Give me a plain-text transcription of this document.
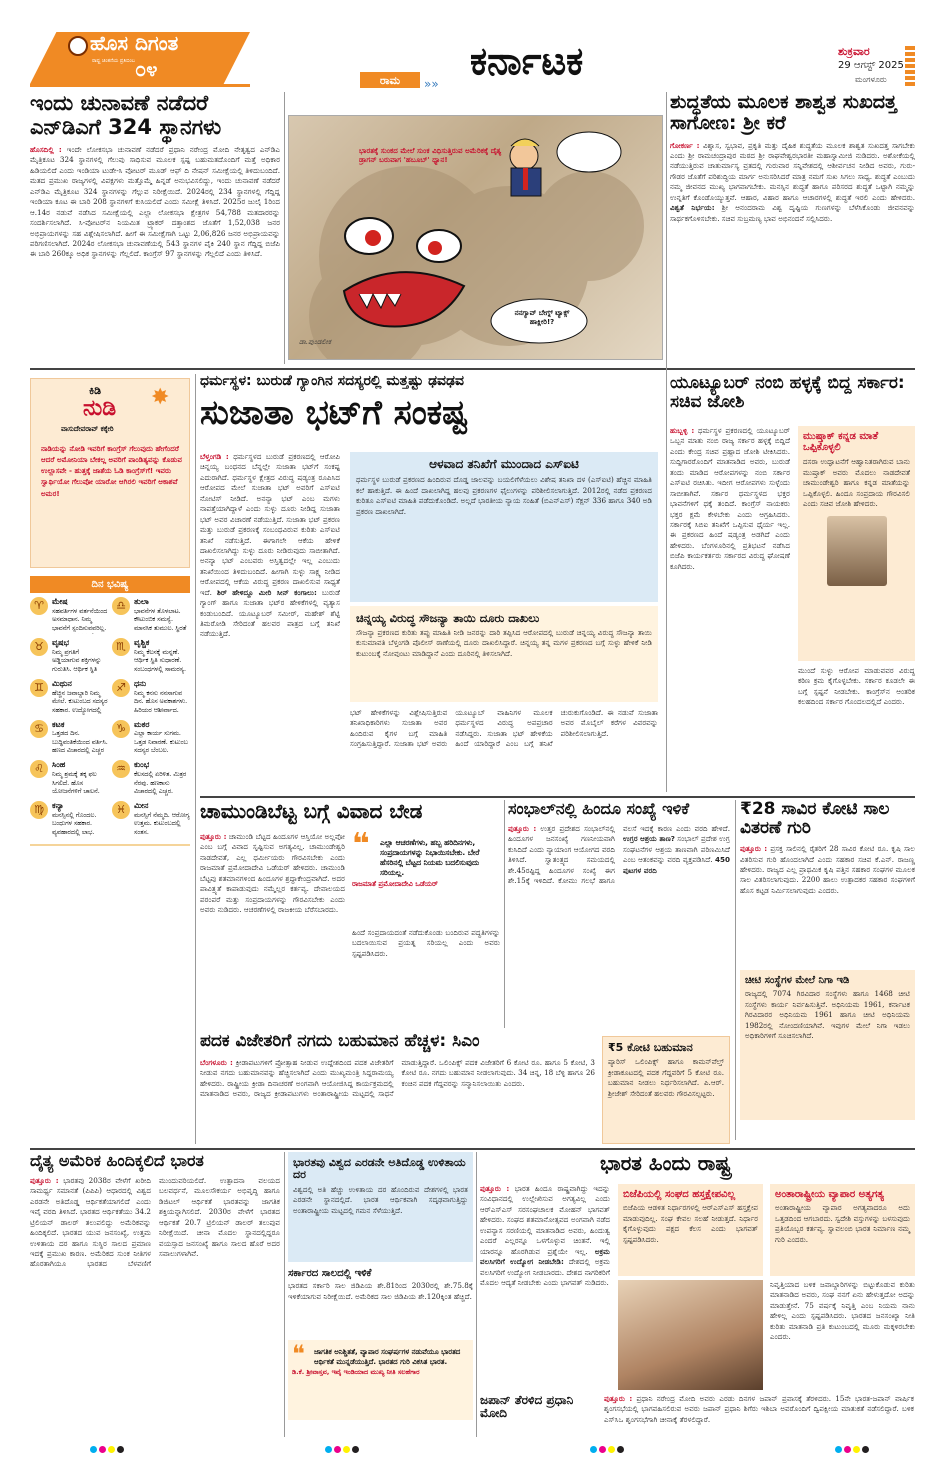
ಹೊಸ ದಿಗಂತ
ರಾಷ್ಟ್ರ ಚಿಂತನೆಯ ಪ್ರತಿಬಿಂಬ ೦೪	ಕರ್ನಾಟಕ
ರಾಮ	»»
ಶುಕ್ರವಾರ
29 ಆಗಸ್ಟ್ 2025
ಮಂಗಳೂರು
ಇಂದು ಚುನಾವಣೆ ನಡೆದರೆ ಎನ್‌ಡಿಎಗೆ 324 ಸ್ಥಾನಗಳು
ಹೊಸದಿಲ್ಲಿ : ಇಂದೇ ಲೋಕಸಭಾ ಚುನಾವಣೆ ನಡೆದರೆ ಪ್ರಧಾನಿ ನರೇಂದ್ರ ಮೋದಿ ನೇತೃತ್ವದ ಎನ್‌ಡಿಎ ಮೈತ್ರಿಕೂಟ 324 ಸ್ಥಾನಗಳಲ್ಲಿ ಗೆಲುವು ಸಾಧಿಸುವ ಮೂಲಕ ಸ್ಪಷ್ಟ ಬಹುಮತದೊಂದಿಗೆ ಮತ್ತೆ ಅಧಿಕಾರ ಹಿಡಿಯಲಿದೆ ಎಂದು ಇಂಡಿಯಾ ಟುಡೇ-ಸಿ ವೋಟರ್ ಮೂಡ್ ಆಫ್ ದಿ ನೇಷನ್ ಸಮೀಕ್ಷೆಯಲ್ಲಿ ತಿಳಿದುಬಂದಿದೆ. ಮತದ ಪ್ರಮುಖ ರಾಜ್ಯಗಳಲ್ಲಿ ವಿಪಕ್ಷಗಳು ಮತ್ತೊಮ್ಮೆ ಹಿನ್ನಡೆ ಅನುಭವಿಸಲಿದ್ದು, ಇಂದು ಚುನಾವಣೆ ನಡೆದರೆ ಎನ್‌ಡಿಎ ಮೈತ್ರಿಕೂಟ 324 ಸ್ಥಾನಗಳನ್ನು ಗೆಲ್ಲುವ ನಿರೀಕ್ಷೆಯಿದೆ. 2024ರಲ್ಲಿ 234 ಸ್ಥಾನಗಳಲ್ಲಿ ಗೆದ್ದಿದ್ದ ಇಂಡಿಯಾ ಕೂಟ ಈ ಬಾರಿ 208 ಸ್ಥಾನಗಳಿಗೆ ಕುಸಿಯಲಿದೆ ಎಂದು ಸಮೀಕ್ಷೆ ತಿಳಿಸಿದೆ. 2025ರ ಜುಲೈ 1ರಿಂದ ಆ.14ರ ನಡುವೆ ನಡೆಸಿದ ಸಮೀಕ್ಷೆಯಲ್ಲಿ ಎಲ್ಲಾ ಲೋಕಸಭಾ ಕ್ಷೇತ್ರಗಳ 54,788 ಮತದಾರರನ್ನು ಸಂದರ್ಶಿಸಲಾಗಿದೆ. ಸಿ-ವೋಟರ್‌ನ ನಿಯಮಿತ ಟ್ರ್ಯಾಕರ್ ದತ್ತಾಂಶದ ಜೊತೆಗೆ 1,52,038 ಜನರ ಅಭಿಪ್ರಾಯಗಳನ್ನು ಸಹ ವಿಶ್ಲೇಷಿಸಲಾಗಿದೆ. ಹೀಗೆ ಈ ಸಮೀಕ್ಷೆಗಾಗಿ ಒಟ್ಟು 2,06,826 ಜನರ ಅಭಿಪ್ರಾಯವನ್ನು ಪರಿಗಣಿಸಲಾಗಿದೆ. 2024ರ ಲೋಕಸಭಾ ಚುನಾವಣೆಯಲ್ಲಿ 543 ಸ್ಥಾನಗಳ ಪೈಕಿ 240 ಸ್ಥಾನ ಗೆದ್ದಿದ್ದ ಬಿಜೆಪಿ ಈ ಬಾರಿ 260ಕ್ಕೂ ಅಧಿಕ ಸ್ಥಾನಗಳನ್ನು ಗೆಲ್ಲಲಿದೆ. ಕಾಂಗ್ರೆಸ್ 97 ಸ್ಥಾನಗಳನ್ನು ಗೆಲ್ಲಲಿದೆ ಎಂದು ತಿಳಿಸಿದೆ.
ಭಾರತಕ್ಕೆ ಸುಂಕದ ಮೇಲೆ ಸುಂಕ ವಿಧಿಸುತ್ತಿರುವ ಅಮೆರಿಕಕ್ಕೆ ದೈತ್ಯ ಡ್ರಾಗನ್ ಬರುವಾಗ 'ಹಬೂಬ್' ಧ್ಯಾನ!
ನನಗ್ಯಾವ್ ಬೇಗ್ನ್ ಟ್ಯಾಕ್ಸ್ ಹಾಕ್ಲೀರಿ!?
ಡಾ.ಪುಂಡಲೀಕ
ಶುದ್ಧತೆಯ ಮೂಲಕ ಶಾಶ್ವತ ಸುಖದತ್ತ ಸಾಗೋಣ: ಶ್ರೀ ಕರೆ
ಗೋಕರ್ಣ : ವಿಶ್ವಾಸ, ಸ್ವಭಾವ, ಪ್ರಕೃತಿ ಮತ್ತು ದೈಹಿಕ ಶುದ್ಧತೆಯ ಮೂಲಕ ಶಾಶ್ವತ ಸುಖದತ್ತ ಸಾಗಬೇಕು ಎಂದು ಶ್ರೀ ರಾಮಚಂದ್ರಾಪುರ ಮಠದ ಶ್ರೀ ರಾಘವೇಶ್ವರಭಾರತೀ ಮಹಾಸ್ವಾಮೀಜಿ ನುಡಿದರು. ಅಶೋಕೆಯಲ್ಲಿ ನಡೆಯುತ್ತಿರುವ ಚಾತುರ್ಮಾಸ್ಯ ವ್ರತದಲ್ಲಿ ಗುರುವಾರ ಸನ್ನಿವೇಶದಲ್ಲಿ ಆಶೀರ್ವಚನ ನೀಡಿದ ಅವರು, ಗುರು-ಗೌಡರ ಜೊತೆಗೆ ಪರಿಶುದ್ಧಿಯ ಮಾರ್ಗ ಅನುಸರಿಸಿದರೆ ಮಾತ್ರ ನಮಗೆ ಸುಖ ಸಿಗಲು ಸಾಧ್ಯ. ಶುದ್ಧತೆ ಎಂಬುದು ನಮ್ಮ ಜೀವನದ ಮುಖ್ಯ ಭಾಗವಾಗಬೇಕು. ಮನಸ್ಸಿನ ಶುದ್ಧತೆ ಹಾಗೂ ಪರಿಸರದ ಶುದ್ಧತೆ ಒಟ್ಟಾಗಿ ನಮ್ಮನ್ನು ಉನ್ನತಿಗೆ ಕೊಂಡೊಯ್ಯುತ್ತವೆ. ಆಹಾರ, ವಿಹಾರ ಹಾಗೂ ಆಚಾರಗಳಲ್ಲಿ ಶುದ್ಧತೆ ಇರಲಿ ಎಂದು ಹೇಳಿದರು. ವಿಶ್ವತೆ ನಿರ್ಭಯ: ಶ್ರೀ ಆನಂದರಾಮ ವಿಶ್ವ ದೃಷ್ಟಿಯ ಗುಣಗಳನ್ನು ಬೆಳೆಸಿಕೊಂಡು ಜೀವನವನ್ನು ಸಾರ್ಥಕಗೊಳಿಸಬೇಕು. ಸಚಿವ ಸುಬ್ರಮಣ್ಯ ಭಾವ ಅಭಿನಂದನೆ ಸಲ್ಲಿಸಿದರು.
✸
ಕಿಡಿ
ನುಡಿ
ವಾಸುದೇವರಾವ್ ಕಕ್ಕೇರಿ
ನಾಡಿಯನ್ನು ನೋಡಿ ಇವರಿಗೆ ಕಾಂಗ್ರೆಸ್ ಗೆಲುವುದು ಹೇಗೆಂದರೆ ಆದರೆ ಅಮೋನಿಯಾ ಬೇಕಲ್ಲ ಅವರಿಗೆ ಪಾಂಡಿತ್ಯವನ್ನು ಕೊಡುವ ಉಲ್ಲಾಸವೇ - ಹುತ್ತಕ್ಕೆ ಜಾತೆಯ ಓಡಿ ಕಾಂಗ್ರೆಸ್‌ಗೆ! ಇವರು ಸ್ವಾರ್ಥಿಯೋ ಗೆಲುವೋ ಯಾರೋ ಆಗಿರಲಿ ಇವರಿಗೆ ಆಕಾಶವೆ ಅಮರ!
ದಿನ ಭವಿಷ್ಯ
♈	ಮೇಷ
ಸಹವರ್ತಿಗಳ ವರ್ತನೆಯಿಂದ ಅಸಮಾಧಾನ. ನಿಮ್ಮ ಭಾವನೆಗೆ ಸ್ಪಂದಿಸುವವರಿಲ್ಲ.
♎	ತುಲಾ
ಭಾವನೆಗಳ ತೊಳಲಾಟ. ಕೌಟುಂಬಿಕ ಸಮಸ್ಯೆ. ಮಾನಸಿಕ ತುಮುಲ. ಸ್ಥಿರತೆ
♉	ವೃಷಭ
ನಿಮ್ಮ ಪ್ರಗತಿಗೆ ಅಡ್ಡಿಯಾಗುವ ಶಕ್ತಿಗಳನ್ನು ಗುರುತಿಸಿ. ಆರ್ಥಿಕ ಸ್ಥಿತಿ
♏	ವೃಶ್ಚಿಕ
ನಿಮ್ಮ ಕೆಲಸಕ್ಕೆ ಮನ್ನಣೆ. ಆರ್ಥಿಕ ಸ್ಥಿತಿ ಸುಧಾರಣೆ. ಸಂಬಂಧಗಳಲ್ಲಿ ಸಾಮರಸ್ಯ.
♊	ಮಿಥುನ
ಹೆಚ್ಚಿನ ಜವಾಬ್ದಾರಿ ನಿಮ್ಮ ಮೇಲೆ. ಕುಟುಂಬದ ಸದಸ್ಯರ ಸಹಕಾರ. ಉದ್ಯೋಗದಲ್ಲಿ
♐	ಧನು
ನಿಮ್ಮ ಕನಸು ನನಸಾಗುವ ದಿನ. ಹೊಸ ಅವಕಾಶಗಳು. ಹಿರಿಯರ ಆಶೀರ್ವಾದ.
♋	ಕಟಕ
ಒತ್ತಡದ ದಿನ. ಬುದ್ಧಿವಂತಿಕೆಯಿಂದ ವರ್ತಿಸಿ. ಹಣದ ವಿಚಾರದಲ್ಲಿ ಎಚ್ಚರ
♑	ಮಕರ
ಎಲ್ಲಾ ಕಾರ್ಯ ಸುಗಮ. ಒತ್ತಡ ನಿವಾರಣೆ. ಕುಟುಂಬ ಸದಸ್ಯರ ಬೆಂಬಲ.
♌	ಸಿಂಹ
ನಿಮ್ಮ ಶ್ರಮಕ್ಕೆ ತಕ್ಕ ಫಲ ಸಿಗಲಿದೆ. ಹೊಸ ಯೋಜನೆಗಳಿಗೆ ಚಾಲನೆ.
♒	ಕುಂಭ
ಕೆಲಸದಲ್ಲಿ ಏರಿಳಿತ. ಮಿತ್ರರ ನೆರವು. ಹಣಕಾಸು ವಿಚಾರದಲ್ಲಿ ಎಚ್ಚರ.
♍	ಕನ್ಯಾ
ಮನಸ್ಸಿನಲ್ಲಿ ಗೊಂದಲ. ಬಂಧುಗಳ ಸಹಕಾರ. ವ್ಯವಹಾರದಲ್ಲಿ ಲಾಭ.
♓	ಮೀನ
ಮನಸ್ಸಿಗೆ ನೆಮ್ಮದಿ. ಆರೋಗ್ಯ ಉತ್ತಮ. ಕುಟುಂಬದಲ್ಲಿ ಸಂತಸ.
ಧರ್ಮಸ್ಥಳ: ಬುರುಡೆ ಗ್ಯಾಂಗಿನ ಸದಸ್ಯರಲ್ಲಿ ಮತ್ತಷ್ಟು ಢವಢವ
ಸುಜಾತಾ ಭಟ್‌ಗೆ ಸಂಕಷ್ಟ
ಬೆಳ್ತಂಗಡಿ : ಧರ್ಮಸ್ಥಳದ ಬುರುಡೆ ಪ್ರಕರಣದಲ್ಲಿ ಆರೋಪಿ ಚಿನ್ನಯ್ಯ ಬಂಧನದ ಬೆನ್ನಲ್ಲೇ ಸುಜಾತಾ ಭಟ್‌ಗೆ ಸಂಕಷ್ಟ ಎದುರಾಗಿದೆ. ಧರ್ಮಸ್ಥಳ ಕ್ಷೇತ್ರದ ವಿರುದ್ಧ ಷಡ್ಯಂತ್ರ ರೂಪಿಸಿದ ಆರೋಪದ ಮೇಲೆ ಸುಜಾತಾ ಭಟ್ ಅವರಿಗೆ ಎಸ್‌ಐಟಿ ನೋಟಿಸ್ ನೀಡಿದೆ. ಅನನ್ಯಾ ಭಟ್ ಎಂಬ ಮಗಳು ನಾಪತ್ತೆಯಾಗಿದ್ದಾಳೆ ಎಂದು ಸುಳ್ಳು ದೂರು ನೀಡಿದ್ದ ಸುಜಾತಾ ಭಟ್ ಅವರ ವಿಚಾರಣೆ ನಡೆಯುತ್ತಿದೆ. ಸುಜಾತಾ ಭಟ್ ಪ್ರಕರಣ ಮತ್ತು ಬುರುಡೆ ಪ್ರಕರಣಕ್ಕೆ ಸಂಬಂಧವಿರುವ ಕುರಿತು ಎಸ್‌ಐಟಿ ತನಿಖೆ ನಡೆಸುತ್ತಿದೆ. ಈಗಾಗಲೇ ಆಕೆಯ ಹೇಳಿಕೆ ದಾಖಲಿಸಲಾಗಿದ್ದು ಸುಳ್ಳು ದೂರು ನೀಡಿರುವುದು ಸಾಬೀತಾಗಿದೆ. ಅನನ್ಯಾ ಭಟ್ ಎಂಬವರು ಅಸ್ತಿತ್ವದಲ್ಲೇ ಇಲ್ಲ ಎಂಬುದು ತನಿಖೆಯಿಂದ ತಿಳಿದುಬಂದಿದೆ. ಹೀಗಾಗಿ ಸುಳ್ಳು ಸಾಕ್ಷ್ಯ ನೀಡಿದ ಆರೋಪದಲ್ಲಿ ಆಕೆಯ ವಿರುದ್ಧ ಪ್ರಕರಣ ದಾಖಲಿಸುವ ಸಾಧ್ಯತೆ ಇದೆ. ಶಿರ್ ಹೇಳಿದ್ದೂ ಮೀರಿ ಸೀನ್ ಕಂಗಾಲು: ಬುರುಡೆ ಗ್ಯಾಂಗ್ ಹಾಗೂ ಸುಜಾತಾ ಭಟ್‌ರ ಹೇಳಿಕೆಗಳಲ್ಲಿ ವ್ಯತ್ಯಾಸ ಕಂಡುಬಂದಿದೆ. ಯೂಟ್ಯೂಬರ್ ಸಮೀರ್, ಮಹೇಶ್ ಶೆಟ್ಟಿ ತಿಮರೋಡಿ ಸೇರಿದಂತೆ ಹಲವರ ಪಾತ್ರದ ಬಗ್ಗೆ ತನಿಖೆ ನಡೆಯುತ್ತಿದೆ.
ಆಳವಾದ ತನಿಖೆಗೆ ಮುಂದಾದ ಎಸ್‌ಐಟಿ
ಧರ್ಮಸ್ಥಳ ಬುರುಡೆ ಪ್ರಕರಣದ ಹಿಂದಿರುವ ದೊಡ್ಡ ಜಾಲವನ್ನು ಬಯಲಿಗೆಳೆಯಲು ವಿಶೇಷ ತನಿಖಾ ದಳ (ಎಸ್‌ಐಟಿ) ಹೆಚ್ಚಿನ ಮಾಹಿತಿ ಕಲೆ ಹಾಕುತ್ತಿದೆ. ಈ ಹಿಂದೆ ದಾಖಲಾಗಿದ್ದ ಹಲವು ಪ್ರಕರಣಗಳ ಫೈಲುಗಳನ್ನು ಪರಿಶೀಲಿಸಲಾಗುತ್ತಿದೆ. 2012ರಲ್ಲಿ ನಡೆದ ಪ್ರಕರಣದ ಕುರಿತೂ ಎಸ್‌ಐಟಿ ಮಾಹಿತಿ ಪಡೆದುಕೊಂಡಿದೆ. ಅಲ್ಲದೆ ಭಾರತೀಯ ನ್ಯಾಯ ಸಂಹಿತೆ (ಬಿಎನ್‌ಎಸ್) ಸೆಕ್ಷನ್ 336 ಹಾಗೂ 340 ಅಡಿ ಪ್ರಕರಣ ದಾಖಲಾಗಿದೆ.
ಚಿನ್ನಯ್ಯ ವಿರುದ್ಧ ಸೌಜನ್ಯಾ ತಾಯಿ ದೂರು ದಾಖಲು
ಸೌಜನ್ಯಾ ಪ್ರಕರಣದ ಕುರಿತು ತಪ್ಪು ಮಾಹಿತಿ ನೀಡಿ ಜನರನ್ನು ದಾರಿ ತಪ್ಪಿಸಿದ ಆರೋಪದಲ್ಲಿ ಬುರುಡೆ ಚಿನ್ನಯ್ಯ ವಿರುದ್ಧ ಸೌಜನ್ಯಾ ತಾಯಿ ಕುಸುಮಾವತಿ ಬೆಳ್ತಂಗಡಿ ಪೊಲೀಸ್ ಠಾಣೆಯಲ್ಲಿ ದೂರು ದಾಖಲಿಸಿದ್ದಾರೆ. ಚಿನ್ನಯ್ಯ ತನ್ನ ಮಗಳ ಪ್ರಕರಣದ ಬಗ್ಗೆ ಸುಳ್ಳು ಹೇಳಿಕೆ ನೀಡಿ ಕುಟುಂಬಕ್ಕೆ ನೋವುಂಟು ಮಾಡಿದ್ದಾನೆ ಎಂದು ದೂರಿನಲ್ಲಿ ತಿಳಿಸಲಾಗಿದೆ.
ಭಟ್ ಹೇಳಿಕೆಗಳನ್ನು ವಿಶ್ಲೇಷಿಸುತ್ತಿರುವ ತನಿಖಾಧಿಕಾರಿಗಳು ಸುಜಾತಾ ಅವರ ಹಿಂದಿರುವ ಕೈಗಳ ಬಗ್ಗೆ ಮಾಹಿತಿ ಸಂಗ್ರಹಿಸುತ್ತಿದ್ದಾರೆ. ಸುಜಾತಾ ಭಟ್ ಅವರು ಯೂಟ್ಯೂಬ್ ವಾಹಿನಿಗಳ ಮೂಲಕ ಧರ್ಮಸ್ಥಳದ ವಿರುದ್ಧ ಅಪಪ್ರಚಾರ ನಡೆಸಿದ್ದರು. ಸುಜಾತಾ ಭಟ್ ಹೇಳಿಕೆಯ ಹಿಂದೆ ಯಾರಿದ್ದಾರೆ ಎಂಬ ಬಗ್ಗೆ ತನಿಖೆ ಚುರುಕುಗೊಂಡಿದೆ. ಈ ನಡುವೆ ಸುಜಾತಾ ಅವರ ಮೊಬೈಲ್ ಕರೆಗಳ ವಿವರವನ್ನು ಪರಿಶೀಲಿಸಲಾಗುತ್ತಿದೆ.
ಯೂಟ್ಯೂಬರ್ ನಂಬಿ ಹಳ್ಳಕ್ಕೆ ಬಿದ್ದ ಸರ್ಕಾರ: ಸಚಿವ ಜೋಶಿ
ಹುಬ್ಬಳ್ಳಿ : ಧರ್ಮಸ್ಥಳ ಪ್ರಕರಣದಲ್ಲಿ ಯೂಟ್ಯೂಬರ್ ಒಬ್ಬನ ಮಾತು ನಂಬಿ ರಾಜ್ಯ ಸರ್ಕಾರ ಹಳ್ಳಕ್ಕೆ ಬಿದ್ದಿದೆ ಎಂದು ಕೇಂದ್ರ ಸಚಿವ ಪ್ರಹ್ಲಾದ ಜೋಶಿ ಟೀಕಿಸಿದರು. ಸುದ್ದಿಗಾರರೊಂದಿಗೆ ಮಾತನಾಡಿದ ಅವರು, ಬುರುಡೆ ತಂದು ಮಾಡಿದ ಆರೋಪಗಳನ್ನು ನಂಬಿ ಸರ್ಕಾರ ಎಸ್‌ಐಟಿ ರಚಿಸಿತು. ಇದೀಗ ಆರೋಪಗಳು ಸುಳ್ಳೆಂದು ಸಾಬೀತಾಗಿವೆ. ಸರ್ಕಾರ ಧರ್ಮಸ್ಥಳದ ಭಕ್ತರ ಭಾವನೆಗಳಿಗೆ ಧಕ್ಕೆ ತಂದಿದೆ. ಕಾಂಗ್ರೆಸ್ ನಾಯಕರು ಭಕ್ತರ ಕ್ಷಮೆ ಕೇಳಬೇಕು ಎಂದು ಆಗ್ರಹಿಸಿದರು. ಸರ್ಕಾರಕ್ಕೆ ಸಿಬಿಐ ತನಿಖೆಗೆ ಒಪ್ಪಿಸುವ ಧೈರ್ಯ ಇಲ್ಲ. ಈ ಪ್ರಕರಣದ ಹಿಂದೆ ಷಡ್ಯಂತ್ರ ಅಡಗಿದೆ ಎಂದು ಹೇಳಿದರು. ಬೆಂಗಳೂರಿನಲ್ಲಿ ಪ್ರತಿಭಟನೆ ನಡೆಸಿದ ಬಿಜೆಪಿ ಕಾರ್ಯಕರ್ತರು ಸರ್ಕಾರದ ವಿರುದ್ಧ ಘೋಷಣೆ ಕೂಗಿದರು.
ಮುಷ್ತಾಕ್ ಕನ್ನಡ ಮಾತೆ ಒಪ್ಪಿಕೊಳ್ಳಲಿ
ದಸರಾ ಉದ್ಘಾಟನೆಗೆ ಆಹ್ವಾನಿತರಾಗಿರುವ ಬಾನು ಮುಷ್ತಾಕ್ ಅವರು ಮೊದಲು ನಾಡದೇವತೆ ಚಾಮುಂಡೇಶ್ವರಿ ಹಾಗೂ ಕನ್ನಡ ಮಾತೆಯನ್ನು ಒಪ್ಪಿಕೊಳ್ಳಲಿ. ಹಿಂದೂ ಸಂಪ್ರದಾಯ ಗೌರವಿಸಲಿ ಎಂದು ಸಚಿವ ಜೋಶಿ ಹೇಳಿದರು.
ಮುಂದೆ ಸುಳ್ಳು ಆರೋಪ ಮಾಡುವವರ ವಿರುದ್ಧ ಕಠಿಣ ಕ್ರಮ ಕೈಗೊಳ್ಳಬೇಕು. ಸರ್ಕಾರ ಕೂಡಲೇ ಈ ಬಗ್ಗೆ ಸ್ಪಷ್ಟನೆ ನೀಡಬೇಕು. ಕಾಂಗ್ರೆಸ್‌ನ ಆಂತರಿಕ ಕಲಹದಿಂದ ಸರ್ಕಾರ ಗೊಂದಲದಲ್ಲಿದೆ ಎಂದರು.
ಚಾಮುಂಡಿಬೆಟ್ಟ ಬಗ್ಗೆ ವಿವಾದ ಬೇಡ
ಪುತ್ತೂರು : ಚಾಮುಂಡಿ ಬೆಟ್ಟದ ಹಿಂದೂಗಳ ಆಸ್ತಿಯೋ ಅಲ್ಲವೋ ಎಂಬ ಬಗ್ಗೆ ವಿವಾದ ಸೃಷ್ಟಿಸುವ ಅಗತ್ಯವಿಲ್ಲ. ಚಾಮುಂಡೇಶ್ವರಿ ನಾಡದೇವತೆ, ಎಲ್ಲ ಧರ್ಮೀಯರು ಗೌರವಿಸಬೇಕು ಎಂದು ರಾಜಮಾತೆ ಪ್ರಮೋದಾದೇವಿ ಒಡೆಯರ್ ಹೇಳಿದರು. ಚಾಮುಂಡಿ ಬೆಟ್ಟವು ಶತಮಾನಗಳಿಂದ ಹಿಂದೂಗಳ ಶ್ರದ್ಧಾಕೇಂದ್ರವಾಗಿದೆ. ಅದರ ಪಾವಿತ್ರ್ಯತೆ ಕಾಪಾಡುವುದು ನಮ್ಮೆಲ್ಲರ ಕರ್ತವ್ಯ. ದೇವಾಲಯದ ಪರಂಪರೆ ಮತ್ತು ಸಂಪ್ರದಾಯಗಳನ್ನು ಗೌರವಿಸಬೇಕು ಎಂದು ಅವರು ನುಡಿದರು. ಆಚರಣೆಗಳಲ್ಲಿ ರಾಜಕೀಯ ಬೆರೆಸಬಾರದು.
❝	ಎಲ್ಲಾ ಆಚರಣೆಗಳು, ಹಬ್ಬ ಹರಿದಿನಗಳು, ಸಂಪ್ರದಾಯಗಳನ್ನು ನಿಭಾಯಿಸಬೇಕು. ಬೇರೆ ಹೆಸರಿನಲ್ಲಿ ಬೆಟ್ಟದ ನಿಯಮ ಬದಲಿಸುವುದು ಸರಿಯಲ್ಲ.
ರಾಜಮಾತೆ ಪ್ರಮೋದಾದೇವಿ ಒಡೆಯರ್
ಹಿಂದೆ ಸಂಪ್ರದಾಯದಂತೆ ನಡೆದುಕೊಂಡು ಬಂದಿರುವ ಪದ್ಧತಿಗಳನ್ನು ಬದಲಾಯಿಸುವ ಪ್ರಯತ್ನ ಸರಿಯಲ್ಲ ಎಂದು ಅವರು ಸ್ಪಷ್ಟಪಡಿಸಿದರು.
ಸಂಭಾಲ್‌ನಲ್ಲಿ ಹಿಂದೂ ಸಂಖ್ಯೆ ಇಳಿಕೆ
ಪುತ್ತೂರು : ಉತ್ತರ ಪ್ರದೇಶದ ಸಂಭಾಲ್‌ನಲ್ಲಿ ಹಿಂದೂಗಳ ಜನಸಂಖ್ಯೆ ಗಣನೀಯವಾಗಿ ಕುಸಿದಿದೆ ಎಂದು ನ್ಯಾಯಾಂಗ ಆಯೋಗದ ವರದಿ ತಿಳಿಸಿದೆ. ಸ್ವಾತಂತ್ರ್ಯದ ಸಮಯದಲ್ಲಿ ಶೇ.45ರಷ್ಟಿದ್ದ ಹಿಂದೂಗಳ ಸಂಖ್ಯೆ ಈಗ ಶೇ.15ಕ್ಕೆ ಇಳಿದಿದೆ. ಕೋಮು ಗಲಭೆ ಹಾಗೂ ವಲಸೆ ಇದಕ್ಕೆ ಕಾರಣ ಎಂದು ವರದಿ ಹೇಳಿದೆ. ಉಗ್ರರ ಆಶ್ರಯ ತಾಣ? ಸಂಭಾಲ್ ಪ್ರದೇಶ ಉಗ್ರ ಸಂಘಟನೆಗಳ ಆಶ್ರಯ ತಾಣವಾಗಿ ಪರಿಣಮಿಸಿದೆ ಎಂಬ ಆತಂಕವನ್ನು ವರದಿ ವ್ಯಕ್ತಪಡಿಸಿದೆ. 450 ಪುಟಗಳ ವರದಿ
₹28 ಸಾವಿರ ಕೋಟಿ ಸಾಲ ವಿತರಣೆ ಗುರಿ
ಪುತ್ತೂರು : ಪ್ರಸಕ್ತ ಸಾಲಿನಲ್ಲಿ ರೈತರಿಗೆ 28 ಸಾವಿರ ಕೋಟಿ ರೂ. ಕೃಷಿ ಸಾಲ ವಿತರಿಸುವ ಗುರಿ ಹೊಂದಲಾಗಿದೆ ಎಂದು ಸಹಕಾರ ಸಚಿವ ಕೆ.ಎನ್. ರಾಜಣ್ಣ ಹೇಳಿದರು. ರಾಜ್ಯದ ಎಲ್ಲ ಪ್ರಾಥಮಿಕ ಕೃಷಿ ಪತ್ತಿನ ಸಹಕಾರ ಸಂಘಗಳ ಮೂಲಕ ಸಾಲ ವಿತರಿಸಲಾಗುವುದು. 2200 ಹಾಲು ಉತ್ಪಾದಕರ ಸಹಕಾರ ಸಂಘಗಳಿಗೆ ಹೊಸ ಕಟ್ಟಡ ನಿರ್ಮಿಸಲಾಗುವುದು ಎಂದರು.
ಚೀಟಿ ಸಂಸ್ಥೆಗಳ ಮೇಲೆ ನಿಗಾ ಇಡಿ
ರಾಜ್ಯದಲ್ಲಿ 7074 ಗಿರವಿದಾರ ಸಂಸ್ಥೆಗಳು ಹಾಗೂ 1468 ಚೀಟಿ ಸಂಸ್ಥೆಗಳು ಕಾರ್ಯ ನಿರ್ವಹಿಸುತ್ತಿವೆ. ಅಧಿನಿಯಮ 1961, ಕರ್ನಾಟಕ ಗಿರವಿದಾರರ ಅಧಿನಿಯಮ 1961 ಹಾಗೂ ಚೀಟಿ ಅಧಿನಿಯಮ 1982ರಲ್ಲಿ ನೋಂದಣಿಯಾಗಿವೆ. ಇವುಗಳ ಮೇಲೆ ನಿಗಾ ಇಡಲು ಅಧಿಕಾರಿಗಳಿಗೆ ಸೂಚಿಸಲಾಗಿದೆ.
ಪದಕ ವಿಜೇತರಿಗೆ ನಗದು ಬಹುಮಾನ ಹೆಚ್ಚಳ: ಸಿಎಂ
ಬೆಂಗಳೂರು : ಕ್ರೀಡಾಪಟುಗಳಿಗೆ ಪ್ರೋತ್ಸಾಹ ನೀಡುವ ಉದ್ದೇಶದಿಂದ ಪದಕ ವಿಜೇತರಿಗೆ ನೀಡುವ ನಗದು ಬಹುಮಾನವನ್ನು ಹೆಚ್ಚಿಸಲಾಗಿದೆ ಎಂದು ಮುಖ್ಯಮಂತ್ರಿ ಸಿದ್ದರಾಮಯ್ಯ ಹೇಳಿದರು. ರಾಷ್ಟ್ರೀಯ ಕ್ರೀಡಾ ದಿನಾಚರಣೆ ಅಂಗವಾಗಿ ಆಯೋಜಿಸಿದ್ದ ಕಾರ್ಯಕ್ರಮದಲ್ಲಿ ಮಾತನಾಡಿದ ಅವರು, ರಾಜ್ಯದ ಕ್ರೀಡಾಪಟುಗಳು ಅಂತಾರಾಷ್ಟ್ರೀಯ ಮಟ್ಟದಲ್ಲಿ ಸಾಧನೆ ಮಾಡುತ್ತಿದ್ದಾರೆ. ಒಲಿಂಪಿಕ್ಸ್ ಪದಕ ವಿಜೇತರಿಗೆ 6 ಕೋಟಿ ರೂ. ಹಾಗೂ 5 ಕೋಟಿ, 3 ಕೋಟಿ ರೂ. ನಗದು ಬಹುಮಾನ ನೀಡಲಾಗುವುದು. 34 ಚಿನ್ನ, 18 ಬೆಳ್ಳಿ ಹಾಗೂ 26 ಕಂಚಿನ ಪದಕ ಗೆದ್ದವರನ್ನು ಸನ್ಮಾನಿಸಲಾಯಿತು ಎಂದರು.
₹5 ಕೋಟಿ ಬಹುಮಾನ
ಪ್ಯಾರಿಸ್ ಒಲಿಂಪಿಕ್ಸ್ ಹಾಗೂ ಕಾಮನ್‌ವೆಲ್ತ್ ಕ್ರೀಡಾಕೂಟದಲ್ಲಿ ಪದಕ ಗೆದ್ದವರಿಗೆ 5 ಕೋಟಿ ರೂ. ಬಹುಮಾನ ನೀಡಲು ನಿರ್ಧರಿಸಲಾಗಿದೆ. ಪಿ.ಆರ್. ಶ್ರೀಜೇಶ್ ಸೇರಿದಂತೆ ಹಲವರು ಗೌರವಿಸಲ್ಪಟ್ಟರು.
ದೈತ್ಯ ಅಮೆರಿಕ ಹಿಂದಿಕ್ಕಲಿದೆ ಭಾರತ
ಪುತ್ತೂರು : ಭಾರತವು 2038ರ ವೇಳೆಗೆ ಖರೀದಿ ಸಾಮರ್ಥ್ಯ ಸಮಾನತೆ (ಪಿಪಿಪಿ) ಆಧಾರದಲ್ಲಿ ವಿಶ್ವದ ಎರಡನೇ ಅತಿದೊಡ್ಡ ಆರ್ಥಿಕತೆಯಾಗಲಿದೆ ಎಂದು ಇವೈ ವರದಿ ತಿಳಿಸಿದೆ. ಭಾರತದ ಆರ್ಥಿಕತೆಯು 34.2 ಟ್ರಿಲಿಯನ್ ಡಾಲರ್ ತಲುಪಲಿದ್ದು ಅಮೆರಿಕವನ್ನು ಹಿಂದಿಕ್ಕಲಿದೆ. ಭಾರತದ ಯುವ ಜನಸಂಖ್ಯೆ, ಉತ್ತಮ ಉಳಿತಾಯ ದರ ಹಾಗೂ ಸುಸ್ಥಿರ ಸಾಲದ ಪ್ರಮಾಣ ಇದಕ್ಕೆ ಪ್ರಮುಖ ಕಾರಣ. ಅಮೆರಿಕದ ಸುಂಕ ನೀತಿಗಳ ಹೊರತಾಗಿಯೂ ಭಾರತದ ಬೆಳವಣಿಗೆ ಮುಂದುವರಿಯಲಿದೆ. ಉತ್ಪಾದನಾ ವಲಯದ ಬಲವರ್ಧನೆ, ಮೂಲಸೌಕರ್ಯ ಅಭಿವೃದ್ಧಿ ಹಾಗೂ ಡಿಜಿಟಲ್ ಆರ್ಥಿಕತೆ ಭಾರತವನ್ನು ಜಾಗತಿಕ ಶಕ್ತಿಯನ್ನಾಗಿಸಲಿದೆ. 2030ರ ವೇಳೆಗೆ ಭಾರತದ ಆರ್ಥಿಕತೆ 20.7 ಟ್ರಿಲಿಯನ್ ಡಾಲರ್ ತಲುಪುವ ನಿರೀಕ್ಷೆಯಿದೆ. ಚೀನಾ ಮೊದಲ ಸ್ಥಾನದಲ್ಲಿದ್ದರೂ ವಯಸ್ಸಾದ ಜನಸಂಖ್ಯೆ ಹಾಗೂ ಸಾಲದ ಹೊರೆ ಅದರ ಸವಾಲುಗಳಾಗಿವೆ.
ಭಾರತವು ವಿಶ್ವದ ಎರಡನೇ ಅತಿದೊಡ್ಡ ಉಳಿತಾಯ ದರ
ವಿಶ್ವದಲ್ಲಿ ಅತಿ ಹೆಚ್ಚು ಉಳಿತಾಯ ದರ ಹೊಂದಿರುವ ದೇಶಗಳಲ್ಲಿ ಭಾರತ ಎರಡನೇ ಸ್ಥಾನದಲ್ಲಿದೆ. ಭಾರತ ಆರ್ಥಿಕವಾಗಿ ಸದೃಢವಾಗುತ್ತಿದ್ದು ಅಂತಾರಾಷ್ಟ್ರೀಯ ಮಟ್ಟದಲ್ಲಿ ಗಮನ ಸೆಳೆಯುತ್ತಿದೆ.
ಸರ್ಕಾರದ ಸಾಲದಲ್ಲಿ ಇಳಿಕೆ
ಭಾರತದ ಸರ್ಕಾರಿ ಸಾಲ ಜಿಡಿಪಿಯ ಶೇ.81ರಿಂದ 2030ರಲ್ಲಿ ಶೇ.75.8ಕ್ಕೆ ಇಳಿಕೆಯಾಗುವ ನಿರೀಕ್ಷೆಯಿದೆ. ಅಮೆರಿಕದ ಸಾಲ ಜಿಡಿಪಿಯ ಶೇ.120ಕ್ಕಿಂತ ಹೆಚ್ಚಿದೆ.
❝	ಜಾಗತಿಕ ಅನಿಶ್ಚಿತತೆ, ವ್ಯಾಪಾರ ಸಂಘರ್ಷಗಳ ನಡುವೆಯೂ ಭಾರತದ ಆರ್ಥಿಕತೆ ಮುನ್ನಡೆಯುತ್ತಿದೆ. ಭಾರತದ ಗುರಿ ವಿಕಸಿತ ಭಾರತ.
ಡಿ.ಕೆ. ಶ್ರೀವಾಸ್ತವ, ಇವೈ ಇಂಡಿಯಾದ ಮುಖ್ಯ ನೀತಿ ಸಲಹೆಗಾರ
ಭಾರತ ಹಿಂದು ರಾಷ್ಟ್ರ
ಪುತ್ತೂರು : ಭಾರತ ಹಿಂದೂ ರಾಷ್ಟ್ರವಾಗಿದ್ದು ಇದನ್ನು ಸಂವಿಧಾನದಲ್ಲಿ ಉಲ್ಲೇಖಿಸುವ ಅಗತ್ಯವಿಲ್ಲ ಎಂದು ಆರ್‌ಎಸ್‌ಎಸ್ ಸರಸಂಘಚಾಲಕ ಮೋಹನ್ ಭಾಗವತ್ ಹೇಳಿದರು. ಸಂಘದ ಶತಮಾನೋತ್ಸವದ ಅಂಗವಾಗಿ ನಡೆದ ಉಪನ್ಯಾಸ ಸರಣಿಯಲ್ಲಿ ಮಾತನಾಡಿದ ಅವರು, ಹಿಂದುತ್ವ ಎಂದರೆ ಎಲ್ಲರನ್ನೂ ಒಳಗೊಳ್ಳುವ ಚಿಂತನೆ. ಇಲ್ಲಿ ಯಾರನ್ನೂ ಹೊರಗಿಡುವ ಪ್ರಶ್ನೆಯೇ ಇಲ್ಲ. ಅಕ್ರಮ ವಲಸಿಗರಿಗೆ ಉದ್ಯೋಗ ನೀಡಬೇಡಿ: ದೇಶದಲ್ಲಿ ಅಕ್ರಮ ವಲಸಿಗರಿಗೆ ಉದ್ಯೋಗ ನೀಡಬಾರದು. ದೇಶದ ನಾಗರಿಕರಿಗೆ ಮೊದಲ ಆದ್ಯತೆ ನೀಡಬೇಕು ಎಂದು ಭಾಗವತ್ ನುಡಿದರು.
ಬಿಜೆಪಿಯಲ್ಲಿ ಸಂಘದ ಹಸ್ತಕ್ಷೇಪವಿಲ್ಲ
ಬಿಜೆಪಿಯ ಆಡಳಿತ ನಿರ್ಧಾರಗಳಲ್ಲಿ ಆರ್‌ಎಸ್‌ಎಸ್ ಹಸ್ತಕ್ಷೇಪ ಮಾಡುವುದಿಲ್ಲ. ಸಂಘ ಕೇವಲ ಸಲಹೆ ನೀಡುತ್ತದೆ. ನಿರ್ಧಾರ ಕೈಗೊಳ್ಳುವುದು ಪಕ್ಷದ ಕೆಲಸ ಎಂದು ಭಾಗವತ್ ಸ್ಪಷ್ಟಪಡಿಸಿದರು.
ಅಂತಾರಾಷ್ಟ್ರೀಯ ವ್ಯಾಪಾರ ಅತ್ಯಗತ್ಯ
ಅಂತಾರಾಷ್ಟ್ರೀಯ ವ್ಯಾಪಾರ ಅಗತ್ಯವಾದರೂ ಅದು ಒತ್ತಡದಿಂದ ಆಗಬಾರದು. ಸ್ವದೇಶಿ ವಸ್ತುಗಳನ್ನು ಬಳಸುವುದು ಪ್ರತಿಯೊಬ್ಬರ ಕರ್ತವ್ಯ. ಸ್ವಾವಲಂಬಿ ಭಾರತ ನಿರ್ಮಾಣ ನಮ್ಮ ಗುರಿ ಎಂದರು.
ನಿವೃತ್ತಿಯಾದ ಬಳಿಕ ಜವಾಬ್ದಾರಿಗಳನ್ನು ಬಿಟ್ಟುಕೊಡುವ ಕುರಿತು ಮಾತನಾಡಿದ ಅವರು, ಸಂಘ ನನಗೆ ಏನು ಹೇಳುತ್ತದೋ ಅದನ್ನು ಮಾಡುತ್ತೇನೆ. 75 ವರ್ಷಕ್ಕೆ ನಿವೃತ್ತಿ ಎಂಬ ನಿಯಮ ನಾನು ಹೇಳಿಲ್ಲ ಎಂದು ಸ್ಪಷ್ಟಪಡಿಸಿದರು. ಭಾರತದ ಜನಸಂಖ್ಯಾ ನೀತಿ ಕುರಿತು ಮಾತನಾಡಿ ಪ್ರತಿ ಕುಟುಂಬದಲ್ಲಿ ಮೂರು ಮಕ್ಕಳಿರಬೇಕು ಎಂದರು.
ಜಪಾನ್ ತೆರಳಿದ ಪ್ರಧಾನಿ ಮೋದಿ
ಪುತ್ತೂರು : ಪ್ರಧಾನಿ ನರೇಂದ್ರ ಮೋದಿ ಅವರು ಎರಡು ದಿನಗಳ ಜಪಾನ್ ಪ್ರವಾಸಕ್ಕೆ ತೆರಳಿದರು. 15ನೇ ಭಾರತ-ಜಪಾನ್ ವಾರ್ಷಿಕ ಶೃಂಗಸಭೆಯಲ್ಲಿ ಭಾಗವಹಿಸಲಿರುವ ಅವರು ಜಪಾನ್ ಪ್ರಧಾನಿ ಶಿಗೆರು ಇಶಿಬಾ ಅವರೊಂದಿಗೆ ದ್ವಿಪಕ್ಷೀಯ ಮಾತುಕತೆ ನಡೆಸಲಿದ್ದಾರೆ. ಬಳಿಕ ಎಸ್‌ಸಿಒ ಶೃಂಗಸಭೆಗಾಗಿ ಚೀನಾಕ್ಕೆ ತೆರಳಲಿದ್ದಾರೆ.
